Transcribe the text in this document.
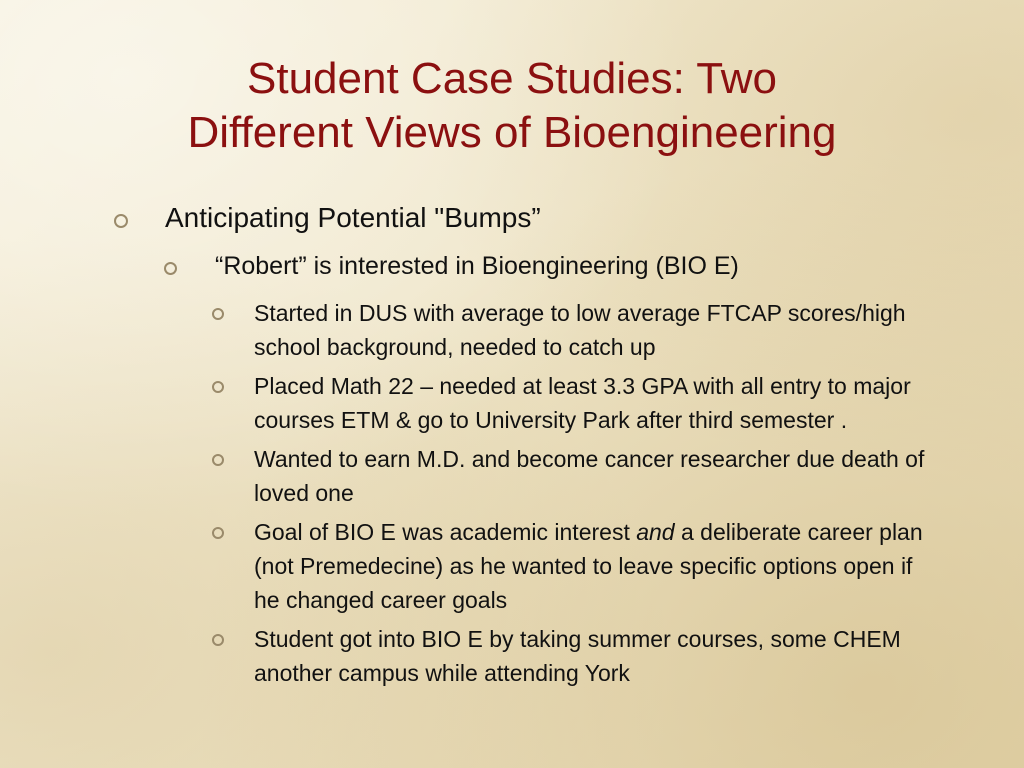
Student Case Studies: Two
Different Views of Bioengineering
Anticipating Potential "Bumps”
“Robert” is interested in Bioengineering (BIO E)
Started in DUS with average to low average FTCAP scores/high school background, needed to catch up
Placed Math 22 – needed at least 3.3 GPA with all entry to major courses ETM & go to University Park after third semester .
Wanted to earn M.D. and become cancer researcher due death of loved one
Goal of BIO E was academic interest and a deliberate career plan (not Premedecine) as he wanted to leave specific options open if he changed career goals
Student got into BIO E by taking summer courses, some CHEM another campus while attending York
